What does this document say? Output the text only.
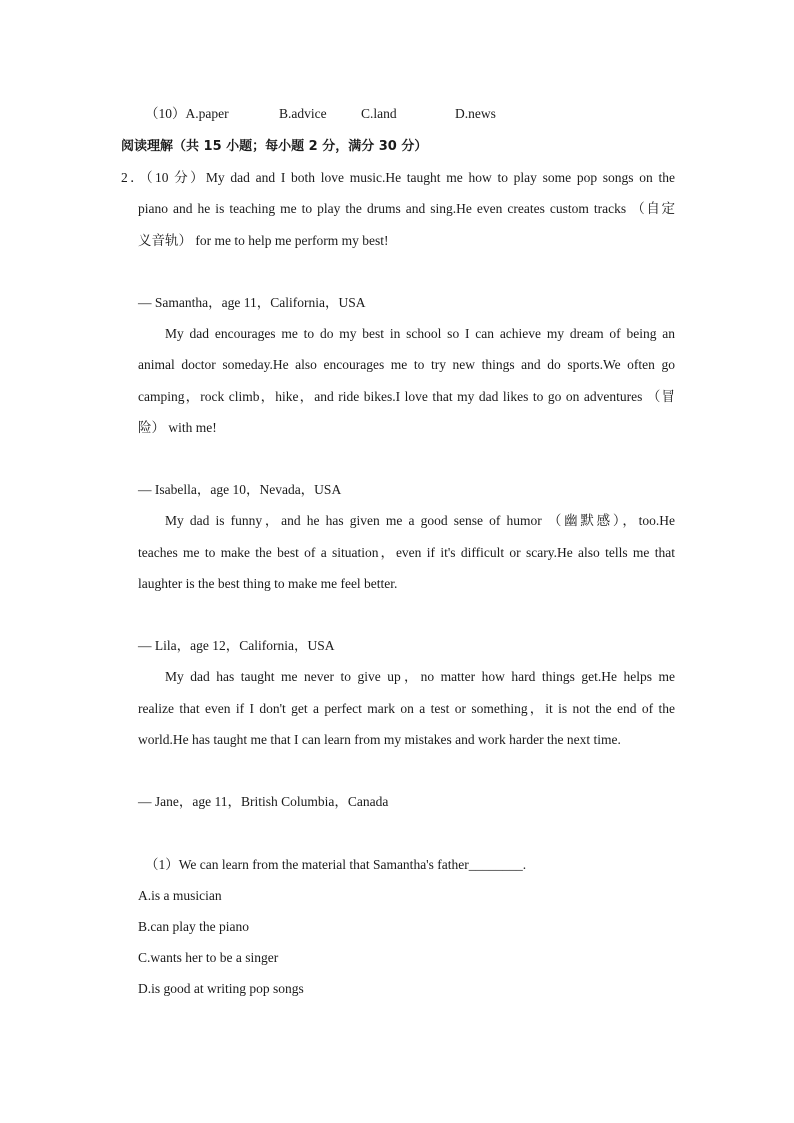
（10）A.paper	B.advice	C.land	D.news
阅读理解（共 15 小题；每小题 2 分，满分 30 分）
2．（10 分）My dad and I both love music.He taught me how to play some pop songs on the
piano and he is teaching me to play the drums and sing.He even creates custom tracks （自定
义音轨） for me to help me perform my best!
— Samantha，age 11，California，USA
My dad encourages me to do my best in school so I can achieve my dream of being an
animal doctor someday.He also encourages me to try new things and do sports.We often go
camping，rock climb，hike，and ride bikes.I love that my dad likes to go on adventures （冒
险） with me!
— Isabella，age 10，Nevada，USA
My dad is funny，and he has given me a good sense of humor （幽默感），too.He
teaches me to make the best of a situation，even if it's difficult or scary.He also tells me that
laughter is the best thing to make me feel better.
— Lila，age 12，California，USA
My dad has taught me never to give up，no matter how hard things get.He helps me
realize that even if I don't get a perfect mark on a test or something，it is not the end of the
world.He has taught me that I can learn from my mistakes and work harder the next time.
— Jane，age 11，British Columbia，Canada
（1）We can learn from the material that Samantha's father________.
A.is a musician
B.can play the piano
C.wants her to be a singer
D.is good at writing pop songs
